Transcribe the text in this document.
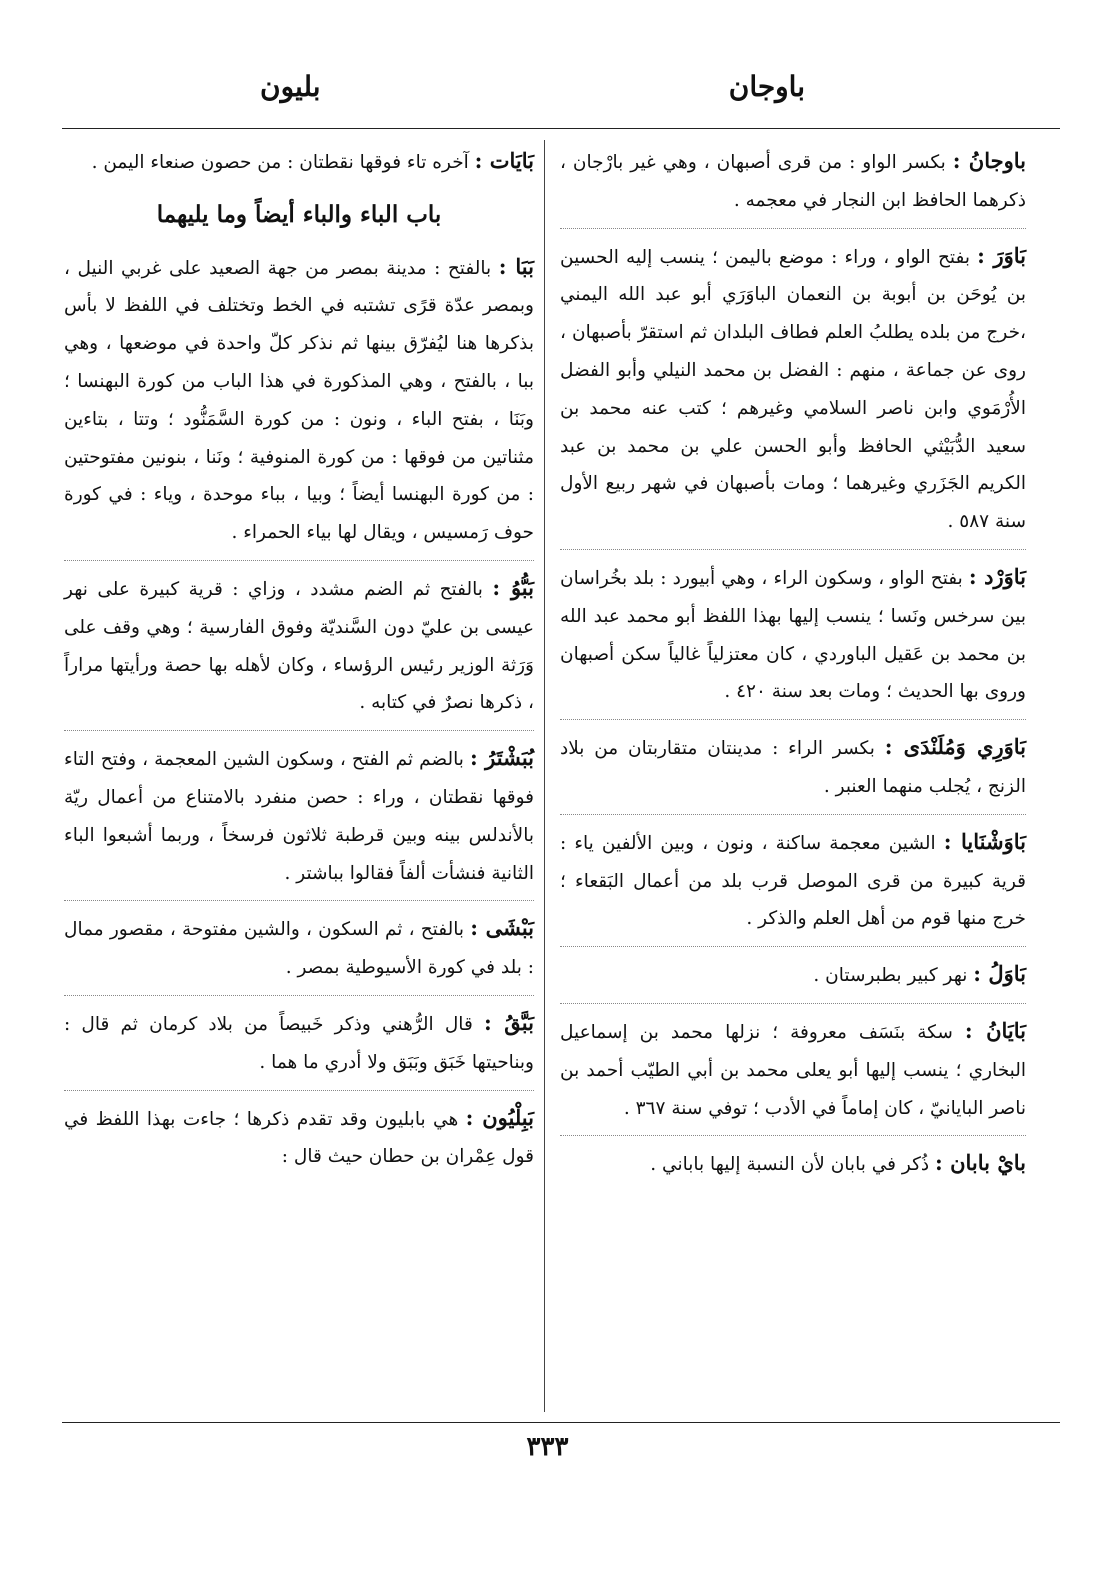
باوجان
بليون

باوجانُ : بكسر الواو : من قرى أصبهان ، وهي غير بارْجان ، ذكرهما الحافظ ابن النجار في معجمه .

بَاوَرَ : بفتح الواو ، وراء : موضع باليمن ؛ ينسب إليه الحسين بن يُوحَن بن أبوبة بن النعمان الباوَرَي أبو عبد الله اليمني ،خرج من بلده يطلبُ العلم فطاف البلدان ثم استقرّ بأصبهان ، روى عن جماعة ، منهم : الفضل بن محمد النيلي وأبو الفضل الأُرْمَوي وابن ناصر السلامي وغيرهم ؛ كتب عنه محمد بن سعيد الدُّبَيْثي الحافظ وأبو الحسن علي بن محمد بن عبد الكريم الجَزَري وغيرهما ؛ ومات بأصبهان في شهر ربيع الأول سنة ٥٨٧ .

بَاوَرْد : بفتح الواو ، وسكون الراء ، وهي أبيورد : بلد بخُراسان بين سرخس ونَسا ؛ ينسب إليها بهذا اللفظ أبو محمد عبد الله بن محمد بن عَقيل الباوردي ، كان معتزلياً غالياً سكن أصبهان وروى بها الحديث ؛ ومات بعد سنة ٤٢٠ .

بَاوَرِي وَمُلَنْدَى : بكسر الراء : مدينتان متقاربتان من بلاد الزنج ، يُجلب منهما العنبر .

بَاوَشْنَايا : الشين معجمة ساكنة ، ونون ، وبين الألفين ياء : قرية كبيرة من قرى الموصل قرب بلد من أعمال البَقعاء ؛ خرج منها قوم من أهل العلم والذكر .

بَاوَلُ : نهر كبير بطبرستان .

بَايَانُ : سكة بنَسَف معروفة ؛ نزلها محمد بن إسماعيل البخاري ؛ ينسب إليها أبو يعلى محمد بن أبي الطيّب أحمد بن ناصر البايانيّ ، كان إماماً في الأدب ؛ توفي سنة ٣٦٧ .

بايْ بابان : ذُكر في بابان لأن النسبة إليها باباني .

بَايَات : آخره تاء فوقها نقطتان : من حصون صنعاء اليمن .

باب الباء والباء أيضاً وما يليهما

بَبَا : بالفتح : مدينة بمصر من جهة الصعيد على غربي النيل ، وبمصر عدّة قرًى تشتبه في الخط وتختلف في اللفظ لا بأس بذكرها هنا ليُفرّق بينها ثم نذكر كلّ واحدة في موضعها ، وهي ببا ، بالفتح ، وهي المذكورة في هذا الباب من كورة البهنسا ؛ وبَنَا ، بفتح الباء ، ونون : من كورة السَّمَنُّود ؛ وتتا ، بتاءين مثناتين من فوقها : من كورة المنوفية ؛ ونَنا ، بنونين مفتوحتين : من كورة البهنسا أيضاً ؛ وبيا ، بباء موحدة ، وياء : في كورة حوف رَمسيس ، ويقال لها بياء الحمراء .

بَبُّوُ : بالفتح ثم الضم مشدد ، وزاي : قرية كبيرة على نهر عيسى بن عليّ دون السَّنديّة وفوق الفارسية ؛ وهي وقف على وَرَثة الوزير رئيس الرؤساء ، وكان لأهله بها حصة ورأيتها مراراً ، ذكرها نصرٌ في كتابه .

بُبَشْتَرُ : بالضم ثم الفتح ، وسكون الشين المعجمة ، وفتح التاء فوقها نقطتان ، وراء : حصن منفرد بالامتناع من أعمال ريّة بالأندلس بينه وبين قرطبة ثلاثون فرسخاً ، وربما أشبعوا الباء الثانية فنشأت ألفاً فقالوا بباشتر .

بَبْشَى : بالفتح ، ثم السكون ، والشين مفتوحة ، مقصور ممال : بلد في كورة الأسيوطية بمصر .

بَبَّقُ : قال الرُّهني وذكر خَبيصاً من بلاد كرمان ثم قال : وبناحيتها خَبَق وبَبَق ولا أدري ما هما .

بَبِلْيُون : هي بابليون وقد تقدم ذكرها ؛ جاءت بهذا اللفظ في قول عِمْران بن حطان حيث قال :

٣٣٣
